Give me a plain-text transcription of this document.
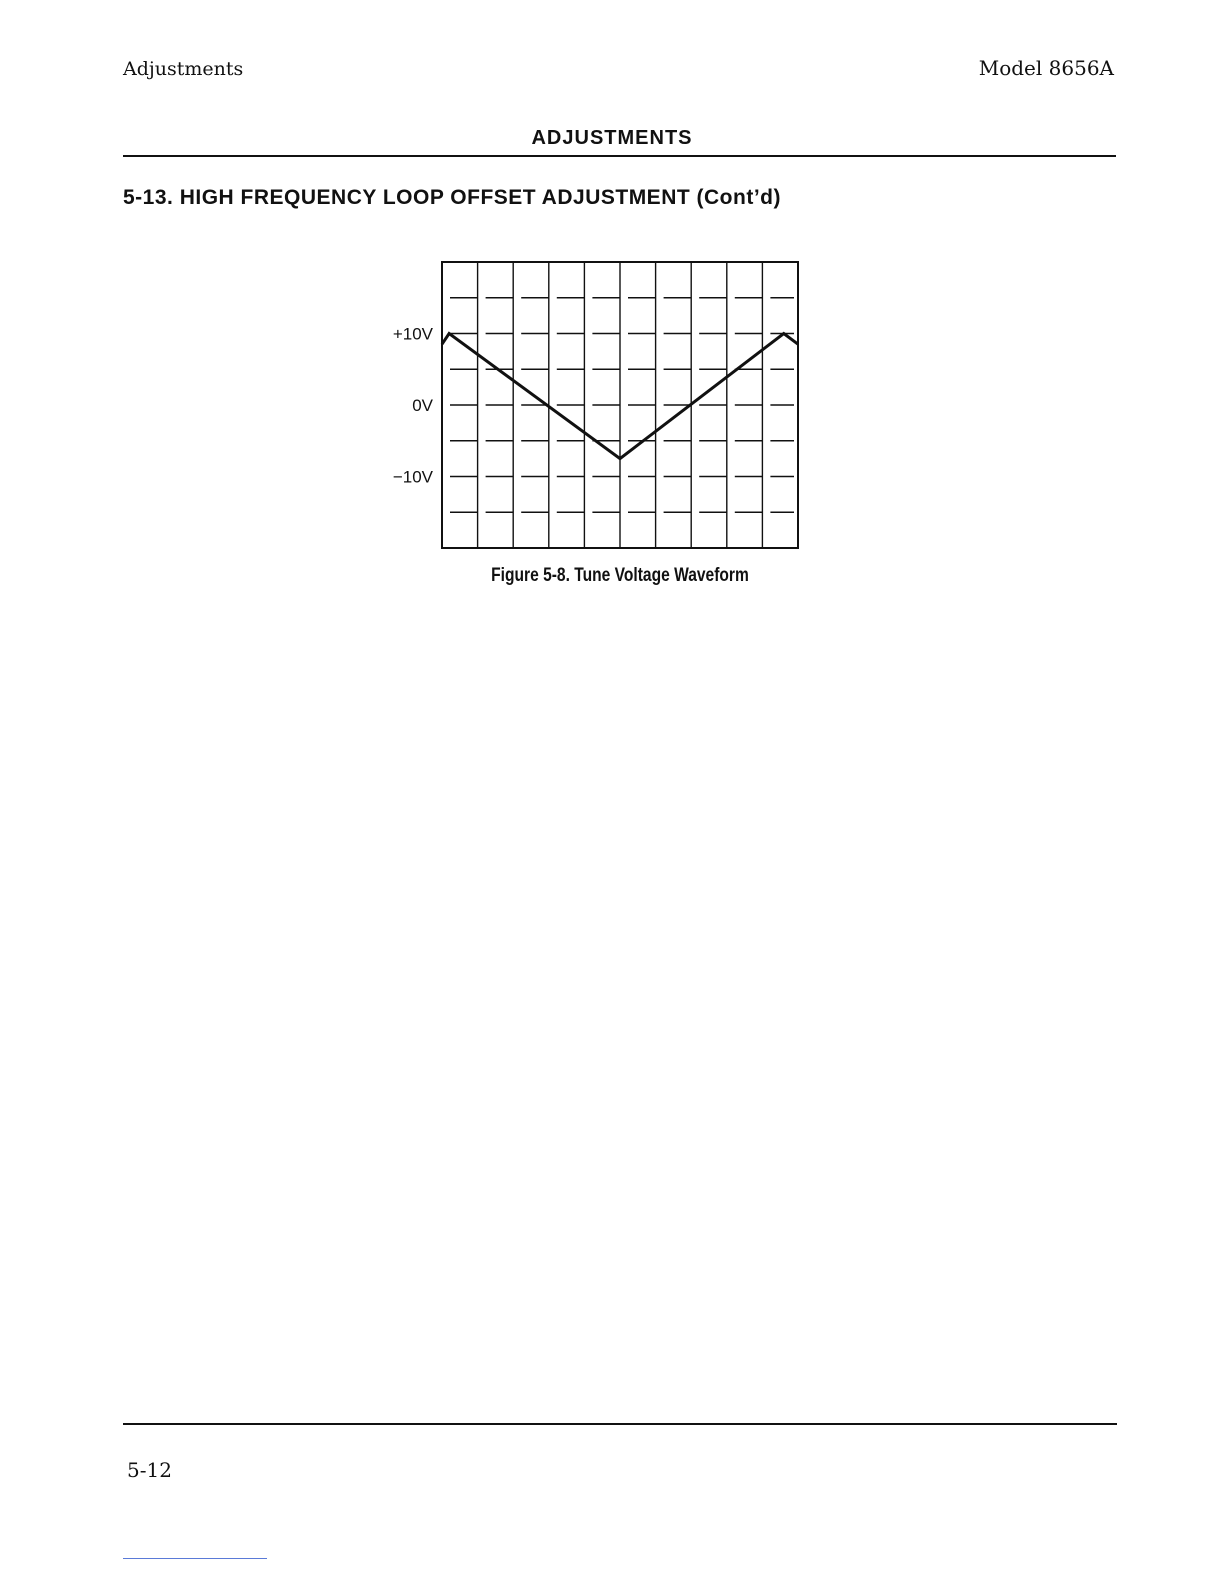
Adjustments	Model 8656A
ADJUSTMENTS
5-13. HIGH FREQUENCY LOOP OFFSET ADJUSTMENT (Cont’d)
+10V
0V
−10V
Figure 5-8. Tune Voltage Waveform
5-12
